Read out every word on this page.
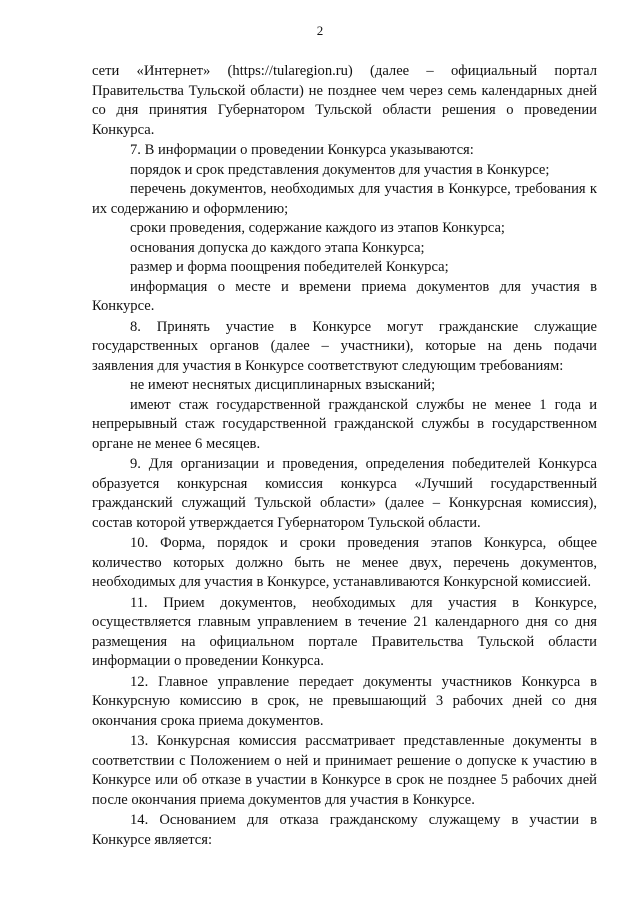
2

сети «Интернет» (https://tularegion.ru) (далее – официальный портал Правительства Тульской области) не позднее чем через семь календарных дней со дня принятия Губернатором Тульской области решения о проведении Конкурса.

7. В информации о проведении Конкурса указываются:

порядок и срок представления документов для участия в Конкурсе;

перечень документов, необходимых для участия в Конкурсе, требования к их содержанию и оформлению;

сроки проведения, содержание каждого из этапов Конкурса;

основания допуска до каждого этапа Конкурса;

размер и форма поощрения победителей Конкурса;

информация о месте и времени приема документов для участия в Конкурсе.

8. Принять участие в Конкурсе могут гражданские служащие государственных органов (далее – участники), которые на день подачи заявления для участия в Конкурсе соответствуют следующим требованиям:

не имеют неснятых дисциплинарных взысканий;

имеют стаж государственной гражданской службы не менее 1 года и непрерывный стаж государственной гражданской службы в государственном органе не менее 6 месяцев.

9. Для организации и проведения, определения победителей Конкурса образуется конкурсная комиссия конкурса «Лучший государственный гражданский служащий Тульской области» (далее – Конкурсная комиссия), состав которой утверждается Губернатором Тульской области.

10. Форма, порядок и сроки проведения этапов Конкурса, общее количество которых должно быть не менее двух, перечень документов, необходимых для участия в Конкурсе, устанавливаются Конкурсной комиссией.

11. Прием документов, необходимых для участия в Конкурсе, осуществляется главным управлением в течение 21 календарного дня со дня размещения на официальном портале Правительства Тульской области информации о проведении Конкурса.

12. Главное управление передает документы участников Конкурса в Конкурсную комиссию в срок, не превышающий 3 рабочих дней со дня окончания срока приема документов.

13. Конкурсная комиссия рассматривает представленные документы в соответствии с Положением о ней и принимает решение о допуске к участию в Конкурсе или об отказе в участии в Конкурсе в срок не позднее 5 рабочих дней после окончания приема документов для участия в Конкурсе.

14. Основанием для отказа гражданскому служащему в участии в Конкурсе является:
